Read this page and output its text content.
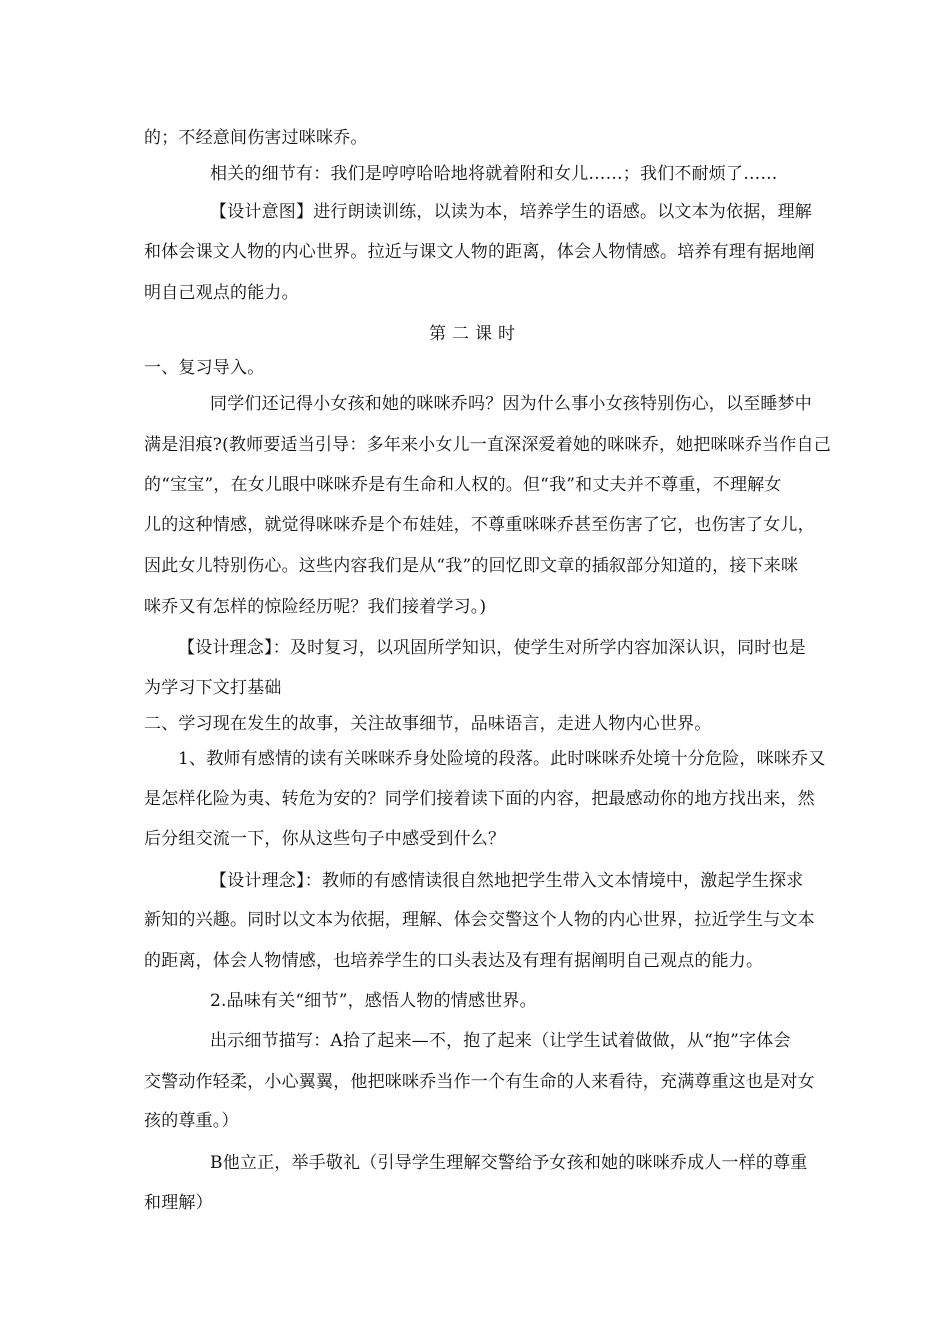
的；不经意间伤害过咪咪乔。
相关的细节有：我们是哼哼哈哈地将就着附和女儿……；我们不耐烦了……
【设计意图】进行朗读训练，以读为本，培养学生的语感。以文本为依据，理解
和体会课文人物的内心世界。拉近与课文人物的距离，体会人物情感。培养有理有据地阐
明自己观点的能力。
第二课时
一、复习导入。
同学们还记得小女孩和她的咪咪乔吗？因为什么事小女孩特别伤心，以至睡梦中
满是泪痕?(教师要适当引导：多年来小女儿一直深深爱着她的咪咪乔，她把咪咪乔当作自己
的“宝宝”，在女儿眼中咪咪乔是有生命和人权的。但“我”和丈夫并不尊重，不理解女
儿的这种情感，就觉得咪咪乔是个布娃娃，不尊重咪咪乔甚至伤害了它，也伤害了女儿，
因此女儿特别伤心。这些内容我们是从“我”的回忆即文章的插叙部分知道的，接下来咪
咪乔又有怎样的惊险经历呢？我们接着学习。)
【设计理念】：及时复习，以巩固所学知识，使学生对所学内容加深认识，同时也是
为学习下文打基础
二、学习现在发生的故事，关注故事细节，品味语言，走进人物内心世界。
1、教师有感情的读有关咪咪乔身处险境的段落。此时咪咪乔处境十分危险，咪咪乔又
是怎样化险为夷、转危为安的？同学们接着读下面的内容，把最感动你的地方找出来，然
后分组交流一下，你从这些句子中感受到什么？
【设计理念】：教师的有感情读很自然地把学生带入文本情境中，激起学生探求
新知的兴趣。同时以文本为依据，理解、体会交警这个人物的内心世界，拉近学生与文本
的距离，体会人物情感，也培养学生的口头表达及有理有据阐明自己观点的能力。
2.品味有关“细节”，感悟人物的情感世界。
出示细节描写：A拾了起来—不，抱了起来（让学生试着做做，从“抱”字体会
交警动作轻柔，小心翼翼，他把咪咪乔当作一个有生命的人来看待，充满尊重这也是对女
孩的尊重。）
B他立正，举手敬礼（引导学生理解交警给予女孩和她的咪咪乔成人一样的尊重
和理解）
